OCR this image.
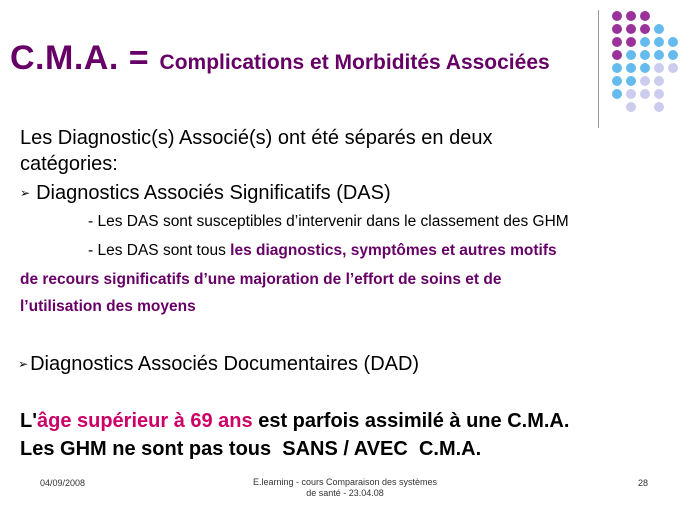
C.M.A. = Complications et Morbidités Associées
Les Diagnostic(s) Associé(s) ont été séparés en deux
catégories:
➢ Diagnostics Associés Significatifs (DAS)
- Les DAS sont susceptibles d’intervenir dans le classement des GHM
- Les DAS sont tous les diagnostics, symptômes et autres motifs
de recours significatifs d’une majoration de l’effort de soins et de
l’utilisation des moyens
➢ Diagnostics Associés Documentaires (DAD)
L'âge supérieur à 69 ans est parfois assimilé à une C.M.A.
Les GHM ne sont pas tous  SANS / AVEC  C.M.A.
04/09/2008	E.learning - cours Comparaison des systèmes
de santé - 23.04.08
28
